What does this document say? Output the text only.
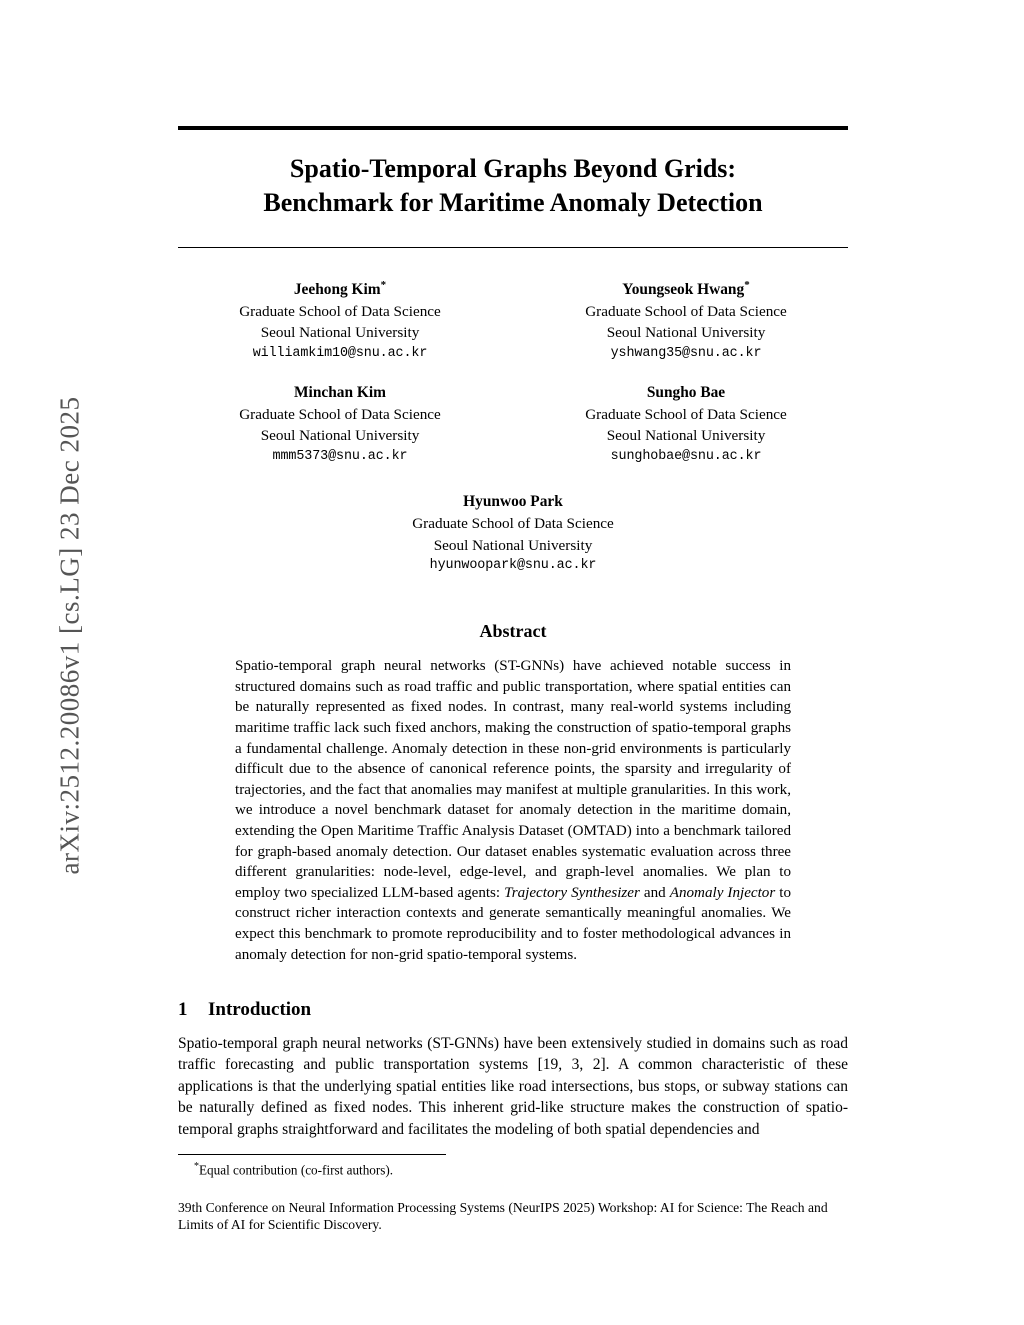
arXiv:2512.20086v1 [cs.LG] 23 Dec 2025
Spatio-Temporal Graphs Beyond Grids:
Benchmark for Maritime Anomaly Detection
Jeehong Kim*
Graduate School of Data Science
Seoul National University
williamkim10@snu.ac.kr
Youngseok Hwang*
Graduate School of Data Science
Seoul National University
yshwang35@snu.ac.kr
Minchan Kim
Graduate School of Data Science
Seoul National University
mmm5373@snu.ac.kr
Sungho Bae
Graduate School of Data Science
Seoul National University
sunghobae@snu.ac.kr
Hyunwoo Park
Graduate School of Data Science
Seoul National University
hyunwoopark@snu.ac.kr
Abstract
Spatio-temporal graph neural networks (ST-GNNs) have achieved notable success in structured domains such as road traffic and public transportation, where spatial entities can be naturally represented as fixed nodes. In contrast, many real-world systems including maritime traffic lack such fixed anchors, making the construction of spatio-temporal graphs a fundamental challenge. Anomaly detection in these non-grid environments is particularly difficult due to the absence of canonical reference points, the sparsity and irregularity of trajectories, and the fact that anomalies may manifest at multiple granularities. In this work, we introduce a novel benchmark dataset for anomaly detection in the maritime domain, extending the Open Maritime Traffic Analysis Dataset (OMTAD) into a benchmark tailored for graph-based anomaly detection. Our dataset enables systematic evaluation across three different granularities: node-level, edge-level, and graph-level anomalies. We plan to employ two specialized LLM-based agents: Trajectory Synthesizer and Anomaly Injector to construct richer interaction contexts and generate semantically meaningful anomalies. We expect this benchmark to promote reproducibility and to foster methodological advances in anomaly detection for non-grid spatio-temporal systems.
1 Introduction
Spatio-temporal graph neural networks (ST-GNNs) have been extensively studied in domains such as road traffic forecasting and public transportation systems [19, 3, 2]. A common characteristic of these applications is that the underlying spatial entities like road intersections, bus stops, or subway stations can be naturally defined as fixed nodes. This inherent grid-like structure makes the construction of spatio-temporal graphs straightforward and facilitates the modeling of both spatial dependencies and
*Equal contribution (co-first authors).
39th Conference on Neural Information Processing Systems (NeurIPS 2025) Workshop: AI for Science: The Reach and Limits of AI for Scientific Discovery.
